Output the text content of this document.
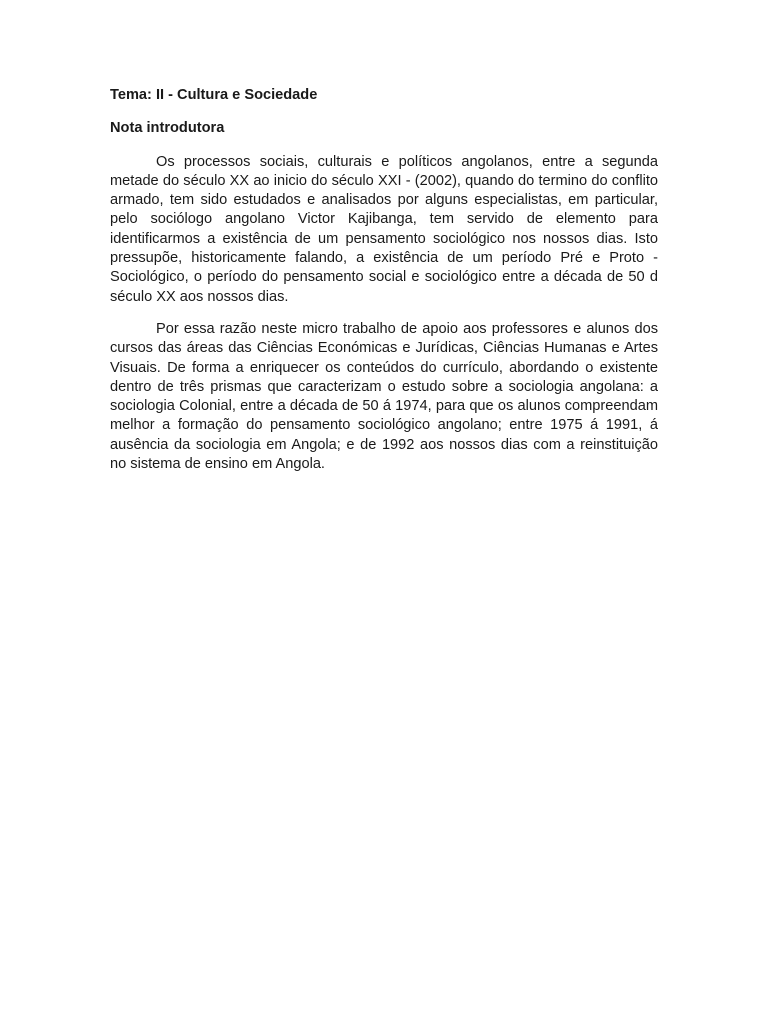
Tema: II - Cultura e Sociedade

Nota introdutora

Os processos sociais, culturais e políticos angolanos, entre a segunda metade do século XX ao inicio do século XXI - (2002), quando do termino do conflito armado, tem sido estudados e analisados por alguns especialistas, em particular, pelo sociólogo angolano Victor Kajibanga, tem servido de elemento para identificarmos a existência de um pensamento sociológico nos nossos dias. Isto pressupõe, historicamente falando, a existência de um período Pré e Proto - Sociológico, o período do pensamento social e sociológico entre a década de 50 d século XX aos nossos dias.

Por essa razão neste micro trabalho de apoio aos professores e alunos dos cursos das áreas das Ciências Económicas e Jurídicas, Ciências Humanas e Artes Visuais. De forma a enriquecer os conteúdos do currículo, abordando o existente dentro de três prismas que caracterizam o estudo sobre a sociologia angolana: a sociologia Colonial, entre a década de 50 á 1974, para que os alunos compreendam melhor a formação do pensamento sociológico angolano; entre 1975 á 1991, á ausência da sociologia em Angola; e de 1992 aos nossos dias com a reinstituição no sistema de ensino em Angola.
